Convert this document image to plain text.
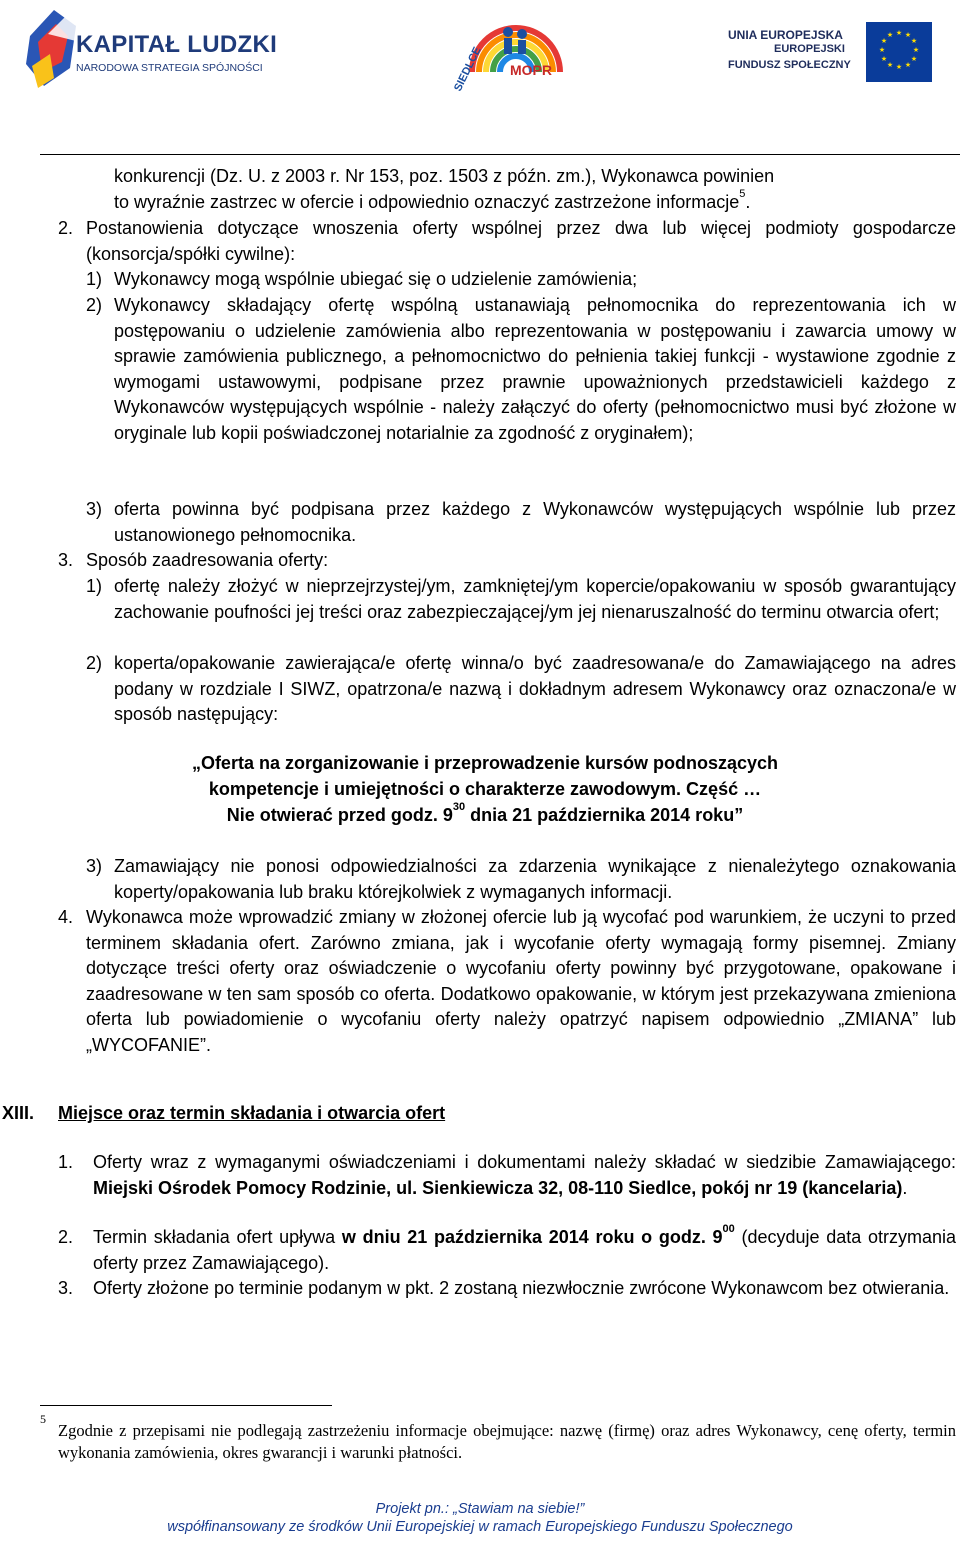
KAPITAŁ LUDZKI
NARODOWA STRATEGIA SPÓJNOŚCI	SIEDLCE MOPR
UNIA EUROPEJSKA
EUROPEJSKI
FUNDUSZ SPOŁECZNY
★ ★
★
★
★
★
★
★
★
★
★
★
konkurencji (Dz. U. z 2003 r. Nr 153, poz. 1503 z późn. zm.), Wykonawca powinien
to wyraźnie zastrzec w ofercie i odpowiednio oznaczyć zastrzeżone informacje$^5$.
2. Postanowienia dotyczące wnoszenia oferty wspólnej przez dwa lub więcej podmioty gospodarcze (konsorcja/spółki cywilne):
1) Wykonawcy mogą wspólnie ubiegać się o udzielenie zamówienia;
2) Wykonawcy składający ofertę wspólną ustanawiają pełnomocnika do reprezentowania ich w postępowaniu o udzielenie zamówienia albo reprezentowania w postępowaniu i zawarcia umowy w sprawie zamówienia publicznego, a pełnomocnictwo do pełnienia takiej funkcji - wystawione zgodnie z wymogami ustawowymi, podpisane przez prawnie upoważnionych przedstawicieli każdego z Wykonawców występujących wspólnie - należy załączyć do oferty (pełnomocnictwo musi być złożone w oryginale lub kopii poświadczonej notarialnie za zgodność z oryginałem);
3) oferta powinna być podpisana przez każdego z Wykonawców występujących wspólnie lub przez ustanowionego pełnomocnika.
3. Sposób zaadresowania oferty:
1) ofertę należy złożyć w nieprzejrzystej/ym, zamkniętej/ym kopercie/opakowaniu w sposób gwarantujący zachowanie poufności jej treści oraz zabezpieczającej/ym jej nienaruszalność do terminu otwarcia ofert;
2) koperta/opakowanie zawierająca/e ofertę winna/o być zaadresowana/e do Zamawiającego na adres podany w rozdziale I SIWZ, opatrzona/e nazwą i dokładnym adresem Wykonawcy oraz oznaczona/e w sposób następujący:
„Oferta na zorganizowanie i przeprowadzenie kursów podnoszących
kompetencje i umiejętności o charakterze zawodowym. Część …
Nie otwierać przed godz. $9^{30}$ dnia 21 października 2014 roku”
3) Zamawiający nie ponosi odpowiedzialności za zdarzenia wynikające z nienależytego oznakowania koperty/opakowania lub braku którejkolwiek z wymaganych informacji.
4. Wykonawca może wprowadzić zmiany w złożonej ofercie lub ją wycofać pod warunkiem, że uczyni to przed terminem składania ofert. Zarówno zmiana, jak i wycofanie oferty wymagają formy pisemnej. Zmiany dotyczące treści oferty oraz oświadczenie o wycofaniu oferty powinny być przygotowane, opakowane i zaadresowane w ten sam sposób co oferta. Dodatkowo opakowanie, w którym jest przekazywana zmieniona oferta lub powiadomienie o wycofaniu oferty należy opatrzyć napisem odpowiednio „ZMIANA” lub „WYCOFANIE”.
XIII. Miejsce oraz termin składania i otwarcia ofert
1. Oferty wraz z wymaganymi oświadczeniami i dokumentami należy składać w siedzibie Zamawiającego: Miejski Ośrodek Pomocy Rodzinie, ul. Sienkiewicza 32, 08-110 Siedlce, pokój nr 19 (kancelaria).
2. Termin składania ofert upływa w dniu 21 października 2014 roku o godz. $9^{00}$ (decyduje data otrzymania oferty przez Zamawiającego).
3. Oferty złożone po terminie podanym w pkt. 2 zostaną niezwłocznie zwrócone Wykonawcom bez otwierania.
5
Zgodnie z przepisami nie podlegają zastrzeżeniu informacje obejmujące: nazwę (firmę) oraz adres Wykonawcy, cenę oferty, termin wykonania zamówienia, okres gwarancji i warunki płatności.
Projekt pn.: „Stawiam na siebie!”
współfinansowany ze środków Unii Europejskiej w ramach Europejskiego Funduszu Społecznego
